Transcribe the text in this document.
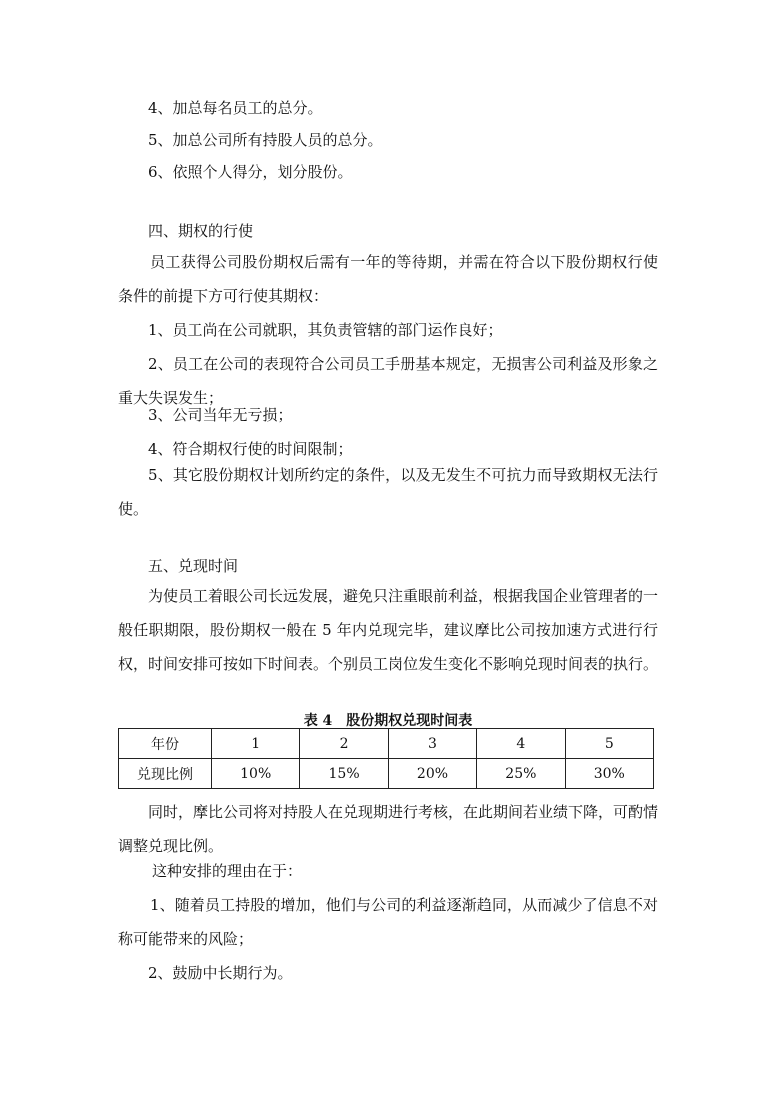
4、加总每名员工的总分。
5、加总公司所有持股人员的总分。
6、依照个人得分，划分股份。
四、期权的行使
员工获得公司股份期权后需有一年的等待期，并需在符合以下股份期权行使条件的前提下方可行使其期权：
1、员工尚在公司就职，其负责管辖的部门运作良好；
2、员工在公司的表现符合公司员工手册基本规定，无损害公司利益及形象之重大失误发生；
3、公司当年无亏损；
4、符合期权行使的时间限制；
5、其它股份期权计划所约定的条件，以及无发生不可抗力而导致期权无法行使。
五、兑现时间
为使员工着眼公司长远发展，避免只注重眼前利益，根据我国企业管理者的一般任职期限，股份期权一般在 5 年内兑现完毕，建议摩比公司按加速方式进行行权，时间安排可按如下时间表。个别员工岗位发生变化不影响兑现时间表的执行。
表 4　股份期权兑现时间表
年份	1	2	3	4	5
兑现比例	10%	15%	20%	25%	30%
同时，摩比公司将对持股人在兑现期进行考核，在此期间若业绩下降，可酌情调整兑现比例。
这种安排的理由在于：
1、随着员工持股的增加，他们与公司的利益逐渐趋同，从而减少了信息不对称可能带来的风险；
2、鼓励中长期行为。
